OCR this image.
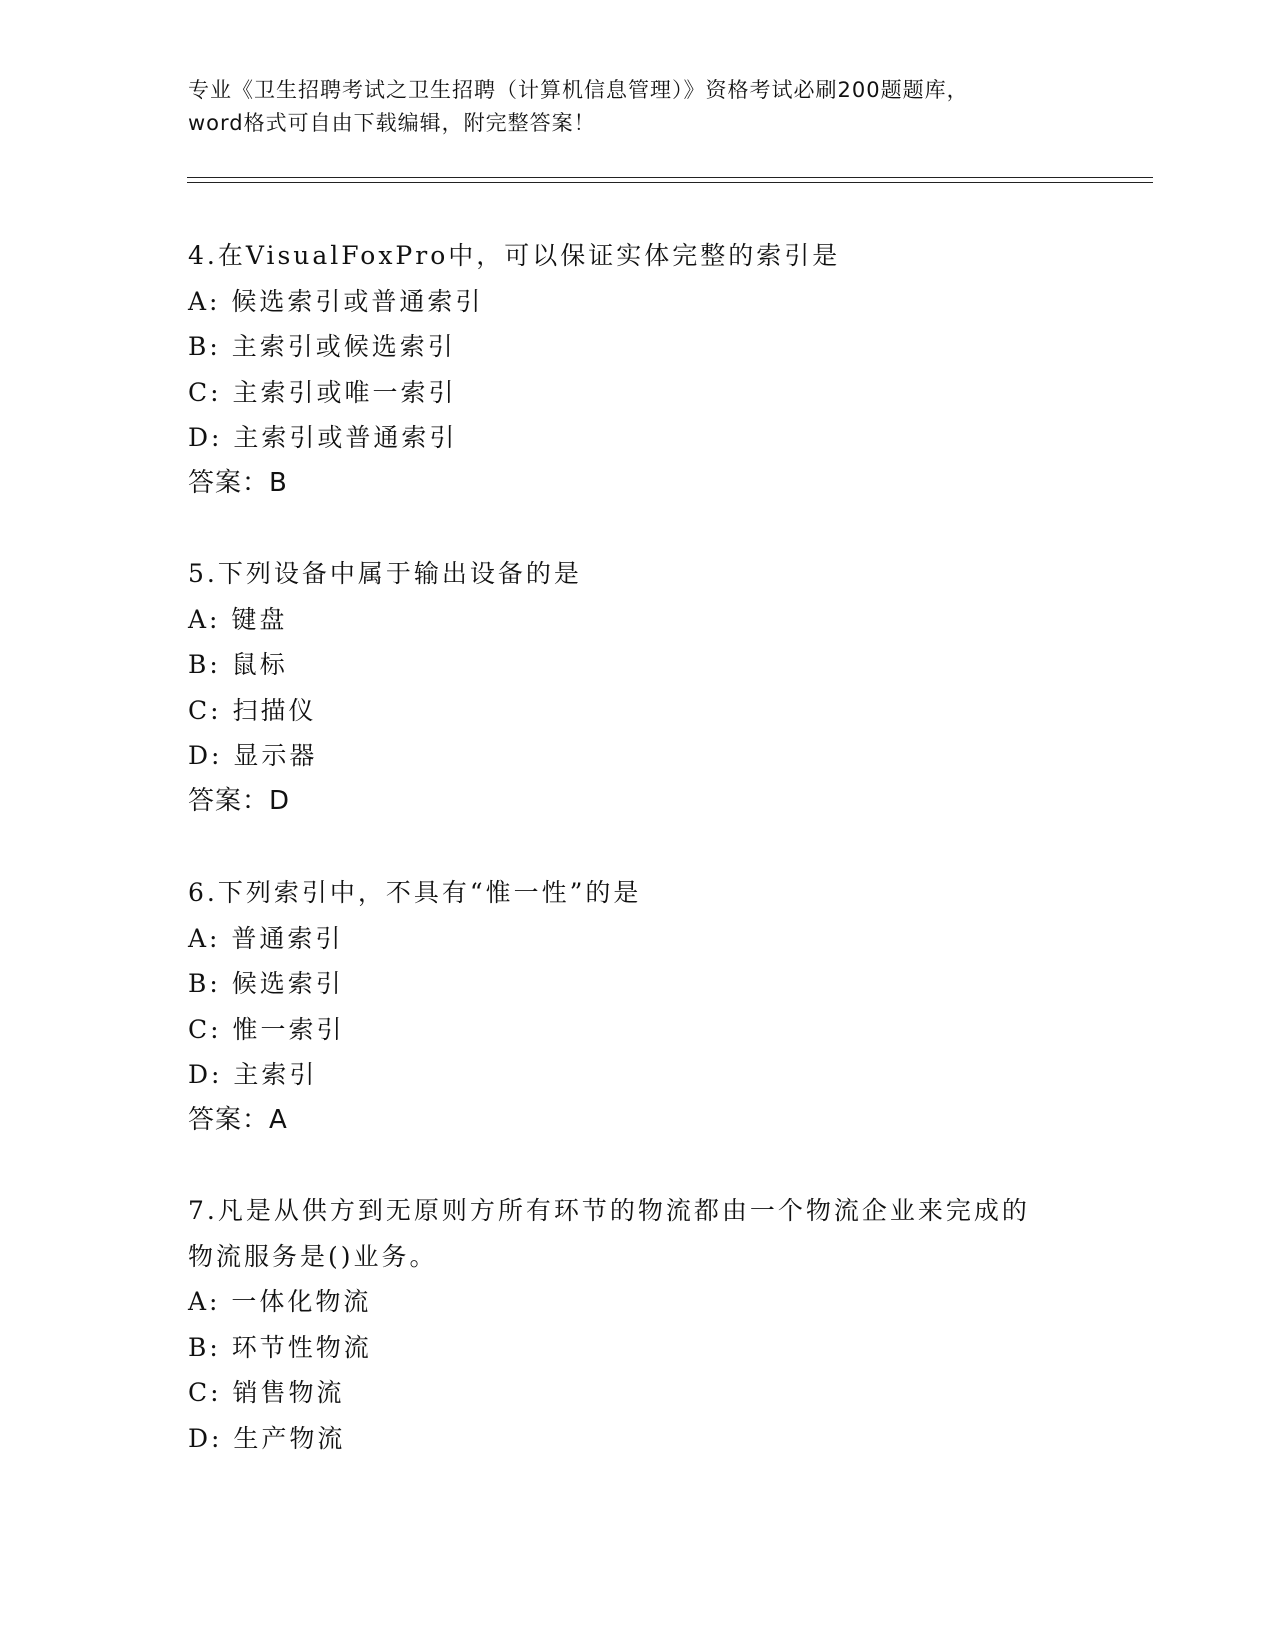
专业《卫生招聘考试之卫生招聘（计算机信息管理）》资格考试必刷200题题库，
word格式可自由下载编辑，附完整答案！
4.在VisualFoxPro中，可以保证实体完整的索引是
A: 候选索引或普通索引
B: 主索引或候选索引
C: 主索引或唯一索引
D: 主索引或普通索引
答案：B
5.下列设备中属于输出设备的是
A: 键盘
B: 鼠标
C: 扫描仪
D: 显示器
答案：D
6.下列索引中，不具有“惟一性”的是
A: 普通索引
B: 候选索引
C: 惟一索引
D: 主索引
答案：A
7.凡是从供方到无原则方所有环节的物流都由一个物流企业来完成的
物流服务是()业务。
A: 一体化物流
B: 环节性物流
C: 销售物流
D: 生产物流
